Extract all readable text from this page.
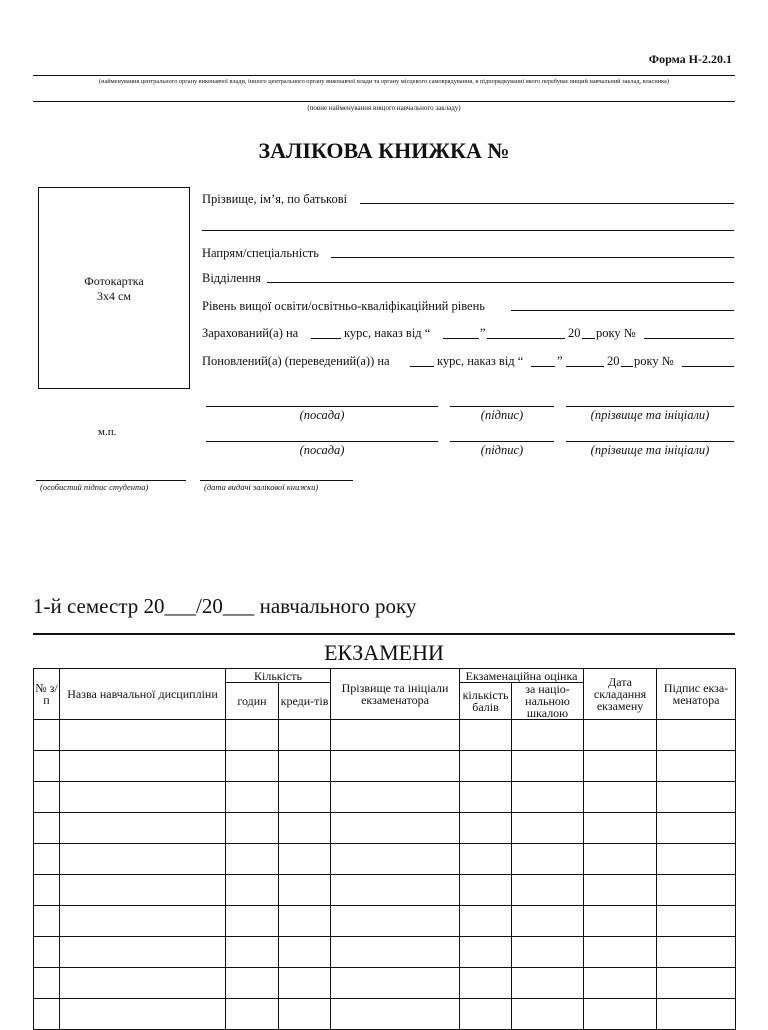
Форма Н-2.20.1
(найменування центрального органу виконавчої влади, іншого центрального органу виконавчої влади та органу місцевого самоврядування, в підпорядкуванні якого перебуває вищий навчальний заклад, власника)
(повне найменування вищого навчального закладу)
ЗАЛІКОВА КНИЖКА №
Фотокартка
3х4 см
Прізвище, ім’я, по батькові
Напрям/спеціальність
Відділення
Рівень вищої освіти/освітньо-кваліфікаційний рівень
Зарахований(а) на	курс, наказ від “	”	20 року №
Поновлений(а) (переведений(а)) на	курс, наказ від “	”	20 року №
(посада)	(підпис)	(прізвище та ініціали)
м.п.
(посада)	(підпис)	(прізвище та ініціали)
(особистий підпис студента)	(дата видачі залікової книжки)
1-й семестр 20___/20___ навчального року
ЕКЗАМЕНИ
№ з/п	Назва навчальної дисципліни	Кількість		Прізвище та ініціали екзаменатора	Екзаменаційна оцінка		Дата складання екзамену	Підпис екза-менатора
		годин	креди-тів		кількість балів	за націо-нальною шкалою		
